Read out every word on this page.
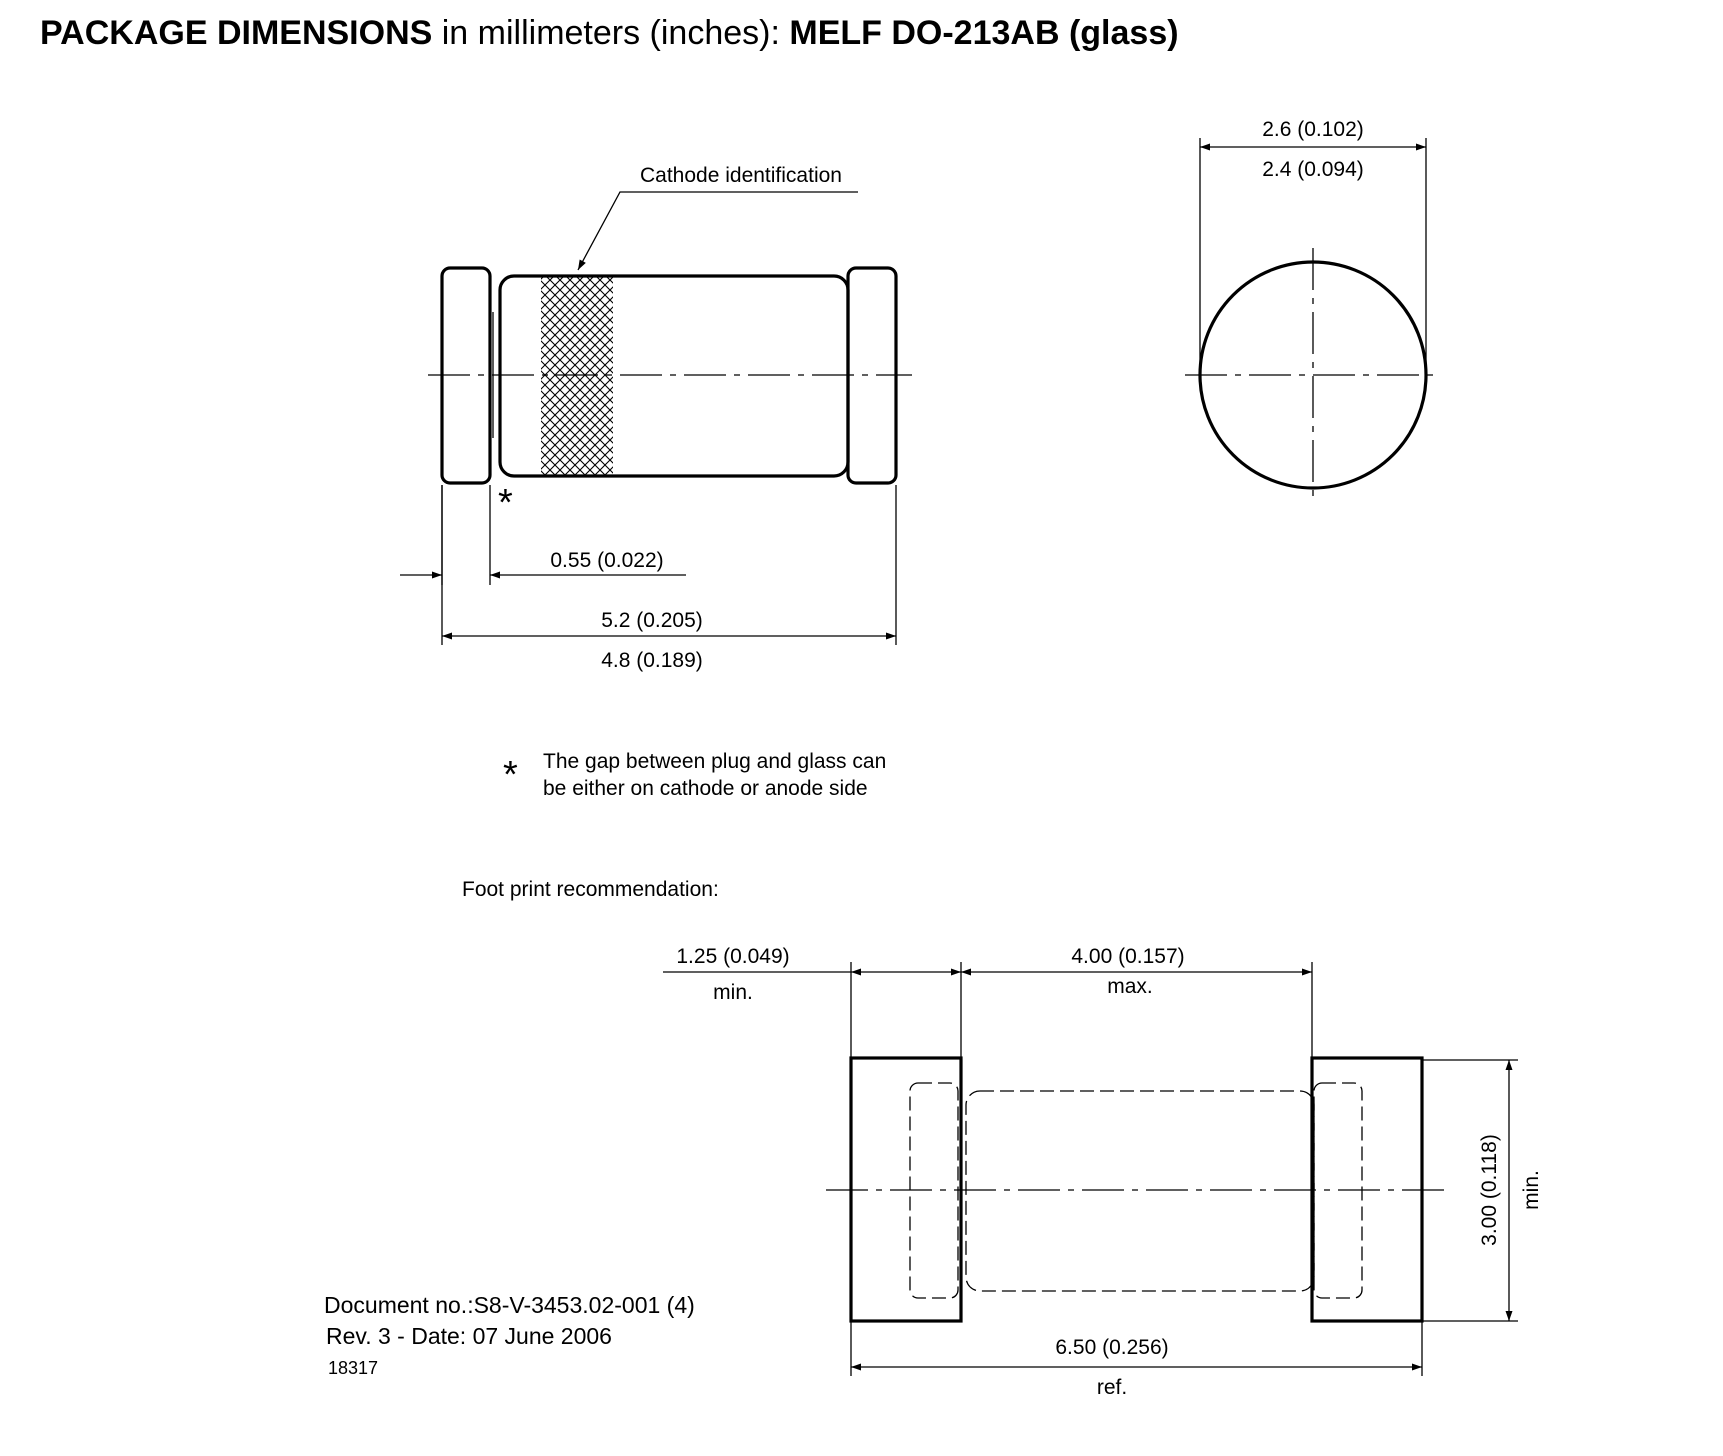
PACKAGE DIMENSIONS in millimeters (inches): MELF DO-213AB (glass)
Cathode identification
*
0.55 (0.022)
5.2 (0.205)
4.8 (0.189)
2.6 (0.102)
2.4 (0.094)
* The gap between plug and glass can
be either on cathode or anode side
Foot print recommendation:
1.25 (0.049)
min.
4.00 (0.157)
max.
3.00 (0.118) min.
6.50 (0.256)
ref.
Document no.:S8-V-3453.02-001 (4)
Rev. 3 - Date: 07 June 2006
18317
